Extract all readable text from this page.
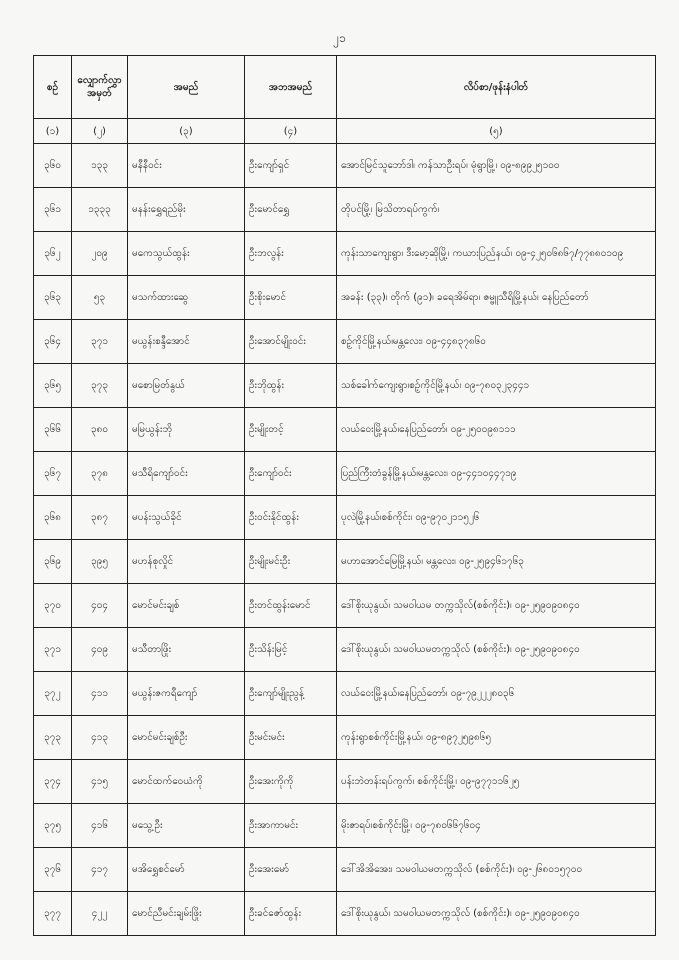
၂၁
စဥ်	လျှောက်လွှာ အမှတ်	အမည်	အဘအမည်	လိပ်စာ/ဖုန်းနံပါတ်
(၁)	(၂)	(၃)	(၄)	(၅)
၃၆၀	၁၃၃	မနီနီဝင်း	ဦးကျော်ရှင်	အောင်မြင်သူဘော်ဒါ၊ ကန်သာဦးရပ်၊ မုံရွာမြို့၊ ၀၉-၈၉၉၂၅၁၀၀
၃၆၁	၁၃၃၃	မနန်းရွှေရည်မိုး	ဦးမောင်ရွှေ	တိုပင်မြို့၊ မြသိတာရပ်ကွက်၊
၃၆၂	၂၀၉	မကေသွယ်ထွန်း	ဦးဘလွန်း	ကုန်းသာကျေးရွာ၊ ဒီးမော့ဆိုမြို့၊ ကယားပြည်နယ်၊ ၀၉-၄၂၅၀၆၈၆၇/၇၇၈၈၀၁၀၉
၃၆၃	၅၃	မသက်ထားဆွေ	ဦးစိုးမောင်	အခန်း (၃၃)၊ တိုက် (၉၁)၊ ခရေအိမ်ရာ၊ ဇမ္ဗူသီရိမြို့နယ်၊ နေပြည်တော်
၃၆၄	၃၇၁	မယွန်းစန္ဒီအောင်	ဦးအောင်မျိုးဝင်း	စဥ့်ကိုင်မြို့နယ်၊မန္တလေး၊ ၀၉-၄၄၈၃၇၈၆၀
၃၆၅	၃၇၃	မစောမြတ်နွယ်	ဦးဘိုထွန်း	သစ်ခေါက်ကျေးရွာ၊စဥ့်ကိုင်မြို့နယ်၊ ၀၉-၇၈၀၃၂၃၄၄၁
၃၆၆	၃၈၀	မမြယွန်းဘို	ဦးမျိုးတင့်	လယ်ဝေးမြို့နယ်၊နေပြည်တော်၊ ၀၉-၂၅၀၀၉၈၁၁၁
၃၆၇	၃၇၈	မသီရိကျော်ဝင်း	ဦးကျော်ဝင်း	ပြည်ကြီးတံခွန်မြို့နယ်၊မန္တလေး၊ ၀၉-၄၄၁၀၄၄၇၁၉
၃၆၈	၃၈၇	မပန်းသွယ်ခိုင်	ဦးဝင်းနိုင်ထွန်း	ပုလဲမြို့နယ်၊စစ်ကိုင်း၊ ၀၉-၉၇၀၂၁၁၅၂၆
၃၆၉	၃၉၅	မဟန်စုလှိုင်	ဦးမျိုးမင်းဦး	မဟာအောင်မြေမြို့နယ်၊ မန္တလေး၊ ၀၉-၂၅၉၄၆၁၇၆၃
၃၇၀	၄၀၄	မောင်မင်းချစ်	ဦးတင်ထွန်းမောင်	ဒေါ်စိုးယုနွယ်၊ သမဝါယမ တက္ကသိုလ်(စစ်ကိုင်း)၊ ၀၉-၂၅၉၀၉၀၈၄၀
၃၇၁	၄၀၉	မသီတာဖြိုး	ဦးသိန်းမြင့်	ဒေါ်စိုးယုနွယ်၊ သမဝါယမတက္ကသိုလ် (စစ်ကိုင်း)၊ ၀၉-၂၅၉၀၉၀၈၄၀
၃၇၂	၄၁၁	မယွန်းဇကရီကျော်	ဦးကျော်မျိုးညွန့်	လယ်ဝေးမြို့နယ်၊နေပြည်တော်၊ ၀၉-၇၉၂၂၂၈၀၃၆
၃၇၃	၄၁၃	မောင်မင်းချစ်ဦး	ဦးမင်းမင်း	ကုန်းရွာစစ်ကိုင်းမြို့နယ်၊ ၀၉-၈၉၇၂၅၉၈၆၅
၃၇၄	၄၁၅	မောင်ထက်ဝေယံကို	ဦးအေးကိုကို	ပန်းဘဲတန်းရပ်ကွက်၊ စစ်ကိုင်းမြို့၊ ၀၉-၉၇၇၁၁၆၂၅
၃၇၅	၄၁၆	မသွေ့ဦး	ဦးအာကာမင်း	မိုးဇာရပ်၊စစ်ကိုင်းမြို့၊ ၀၉-၇၈၀၆၆၇၆၀၄
၃၇၆	၄၁၇	မအိရွှေစင်မော်	ဦးအေးမော်	ဒေါ်အိအိအေး၊ သမဝါယမတက္ကသိုလ် (စစ်ကိုင်း)၊ ၀၉-၂၆၈၀၁၅၇၀၀
၃၇၇	၄၂၂	မောင်ညီမင်းချမ်းဖြိုး	ဦးခင်ဇော်ထွန်း	ဒေါ်စိုးယုနွယ်၊ သမဝါယမတက္ကသိုလ် (စစ်ကိုင်း)၊ ၀၉-၂၅၉၀၉၀၈၄၀
